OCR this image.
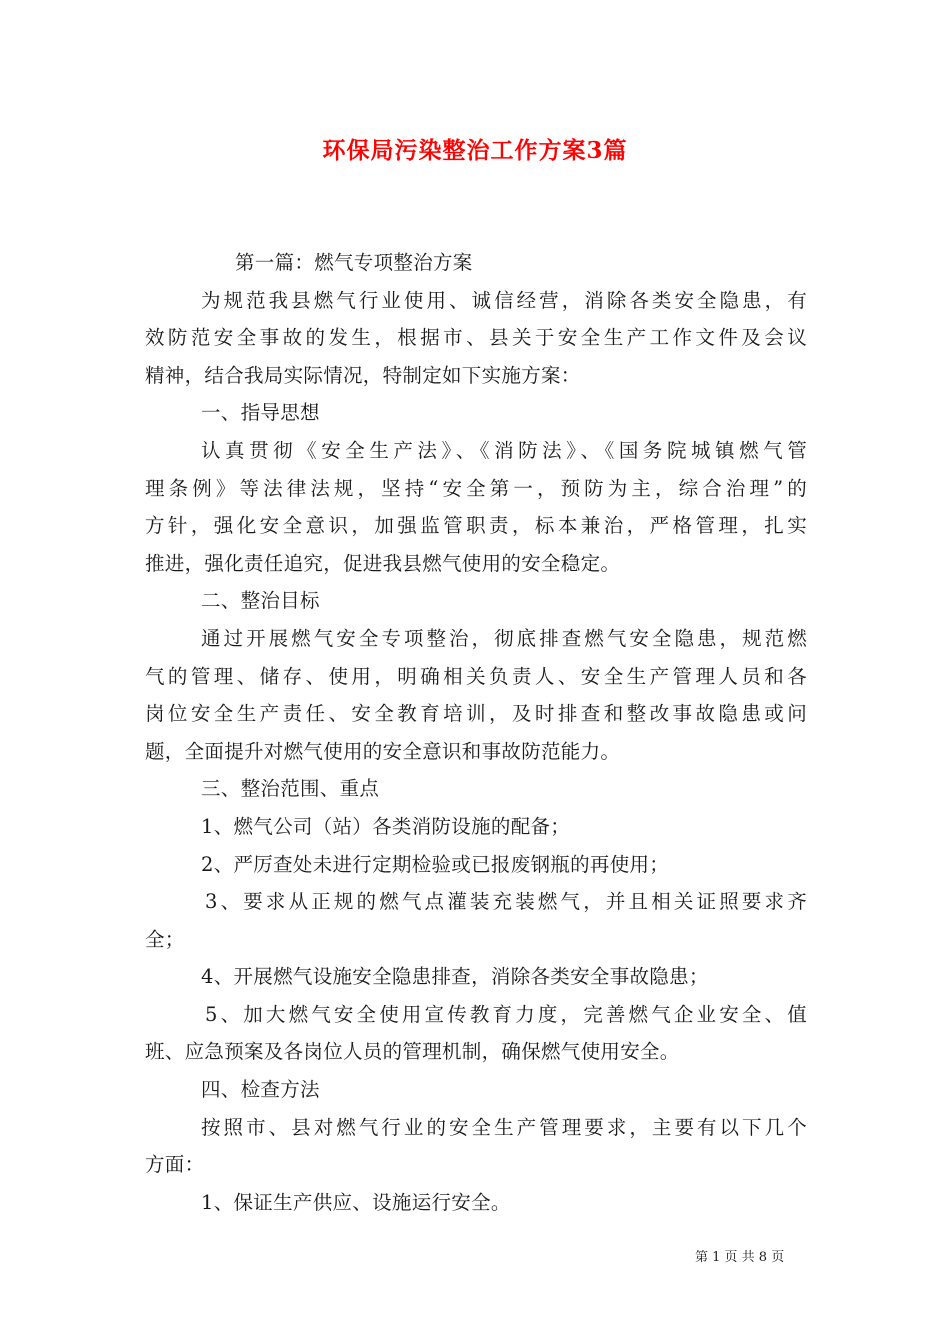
环保局污染整治工作方案3篇
第一篇：燃气专项整治方案
为规范我县燃气行业使用、诚信经营，消除各类安全隐患，有
效防范安全事故的发生，根据市、县关于安全生产工作文件及会议
精神，结合我局实际情况，特制定如下实施方案：
一、指导思想
认真贯彻《安全生产法》、《消防法》、《国务院城镇燃气管
理条例》等法律法规，坚持“安全第一，预防为主，综合治理”的
方针，强化安全意识，加强监管职责，标本兼治，严格管理，扎实
推进，强化责任追究，促进我县燃气使用的安全稳定。
二、整治目标
通过开展燃气安全专项整治，彻底排查燃气安全隐患，规范燃
气的管理、储存、使用，明确相关负责人、安全生产管理人员和各
岗位安全生产责任、安全教育培训，及时排查和整改事故隐患或问
题，全面提升对燃气使用的安全意识和事故防范能力。
三、整治范围、重点
1、燃气公司（站）各类消防设施的配备；
2、严厉查处未进行定期检验或已报废钢瓶的再使用；
3、要求从正规的燃气点灌装充装燃气，并且相关证照要求齐
全；
4、开展燃气设施安全隐患排查，消除各类安全事故隐患；
5、加大燃气安全使用宣传教育力度，完善燃气企业安全、值
班、应急预案及各岗位人员的管理机制，确保燃气使用安全。
四、检查方法
按照市、县对燃气行业的安全生产管理要求，主要有以下几个
方面：
1、保证生产供应、设施运行安全。
第 1 页 共 8 页
